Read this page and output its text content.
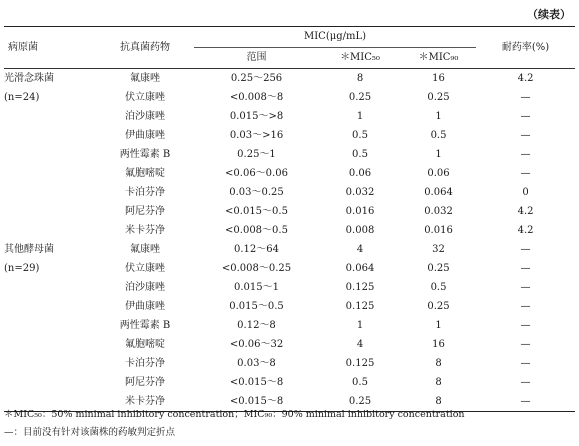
（续表）
病原菌	抗真菌药物	MIC(μg/mL)			耐药率(%)
		范围	＊MIC₅₀	＊MIC₉₀	
光滑念珠菌	氟康唑	0.25～256	8	16	4.2
(n=24)	伏立康唑	<0.008～8	0.25	0.25	—
	泊沙康唑	0.015～>8	1	1	—
	伊曲康唑	0.03～>16	0.5	0.5	—
	两性霉素 B	0.25～1	0.5	1	—
	氟胞嘧啶	<0.06～0.06	0.06	0.06	—
	卡泊芬净	0.03～0.25	0.032	0.064	0
	阿尼芬净	<0.015～0.5	0.016	0.032	4.2
	米卡芬净	<0.008～0.5	0.008	0.016	4.2
其他酵母菌	氟康唑	0.12～64	4	32	—
(n=29)	伏立康唑	<0.008～0.25	0.064	0.25	—
	泊沙康唑	0.015～1	0.125	0.5	—
	伊曲康唑	0.015～0.5	0.125	0.25	—
	两性霉素 B	0.12～8	1	1	—
	氟胞嘧啶	<0.06～32	4	16	—
	卡泊芬净	0.03～8	0.125	8	—
	阿尼芬净	<0.015～8	0.5	8	—
	米卡芬净	<0.015～8	0.25	8	—
＊MIC₅₀：50% minimal inhibitory concentration；MIC₉₀：90% minimal inhibitory concentration
—：目前没有针对该菌株的药敏判定折点
